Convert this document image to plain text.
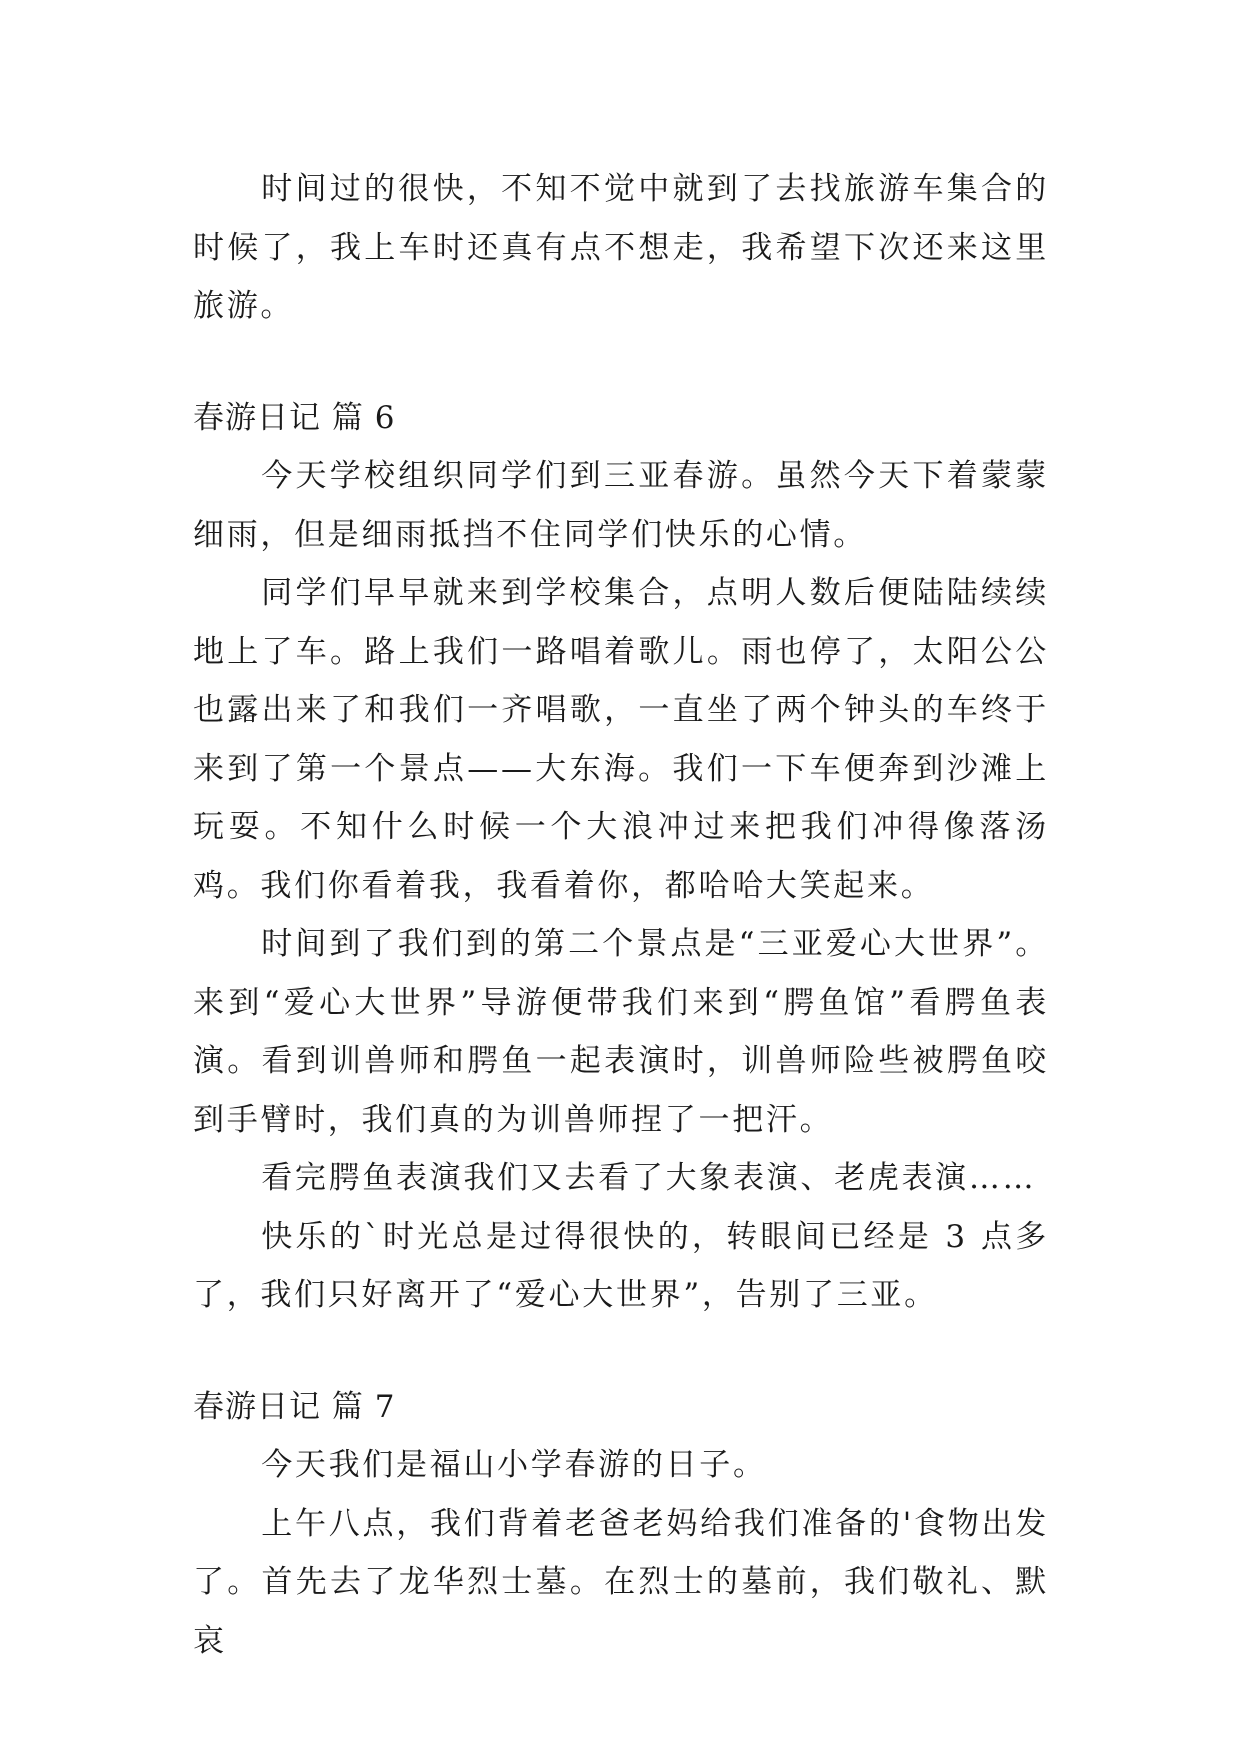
时间过的很快，不知不觉中就到了去找旅游车集合的时候了，我上车时还真有点不想走，我希望下次还来这里旅游。

春游日记 篇 6

今天学校组织同学们到三亚春游。虽然今天下着蒙蒙细雨，但是细雨抵挡不住同学们快乐的心情。

同学们早早就来到学校集合，点明人数后便陆陆续续地上了车。路上我们一路唱着歌儿。雨也停了，太阳公公也露出来了和我们一齐唱歌，一直坐了两个钟头的车终于来到了第一个景点——大东海。我们一下车便奔到沙滩上玩耍。不知什么时候一个大浪冲过来把我们冲得像落汤鸡。我们你看着我，我看着你，都哈哈大笑起来。

时间到了我们到的第二个景点是“三亚爱心大世界”。来到“爱心大世界”导游便带我们来到“腭鱼馆”看腭鱼表演。看到训兽师和腭鱼一起表演时，训兽师险些被腭鱼咬到手臂时，我们真的为训兽师捏了一把汗。

看完腭鱼表演我们又去看了大象表演、老虎表演……

快乐的`时光总是过得很快的，转眼间已经是 3 点多了，我们只好离开了“爱心大世界”，告别了三亚。

春游日记 篇 7

今天我们是福山小学春游的日子。

上午八点，我们背着老爸老妈给我们准备的'食物出发了。首先去了龙华烈士墓。在烈士的墓前，我们敬礼、默哀
